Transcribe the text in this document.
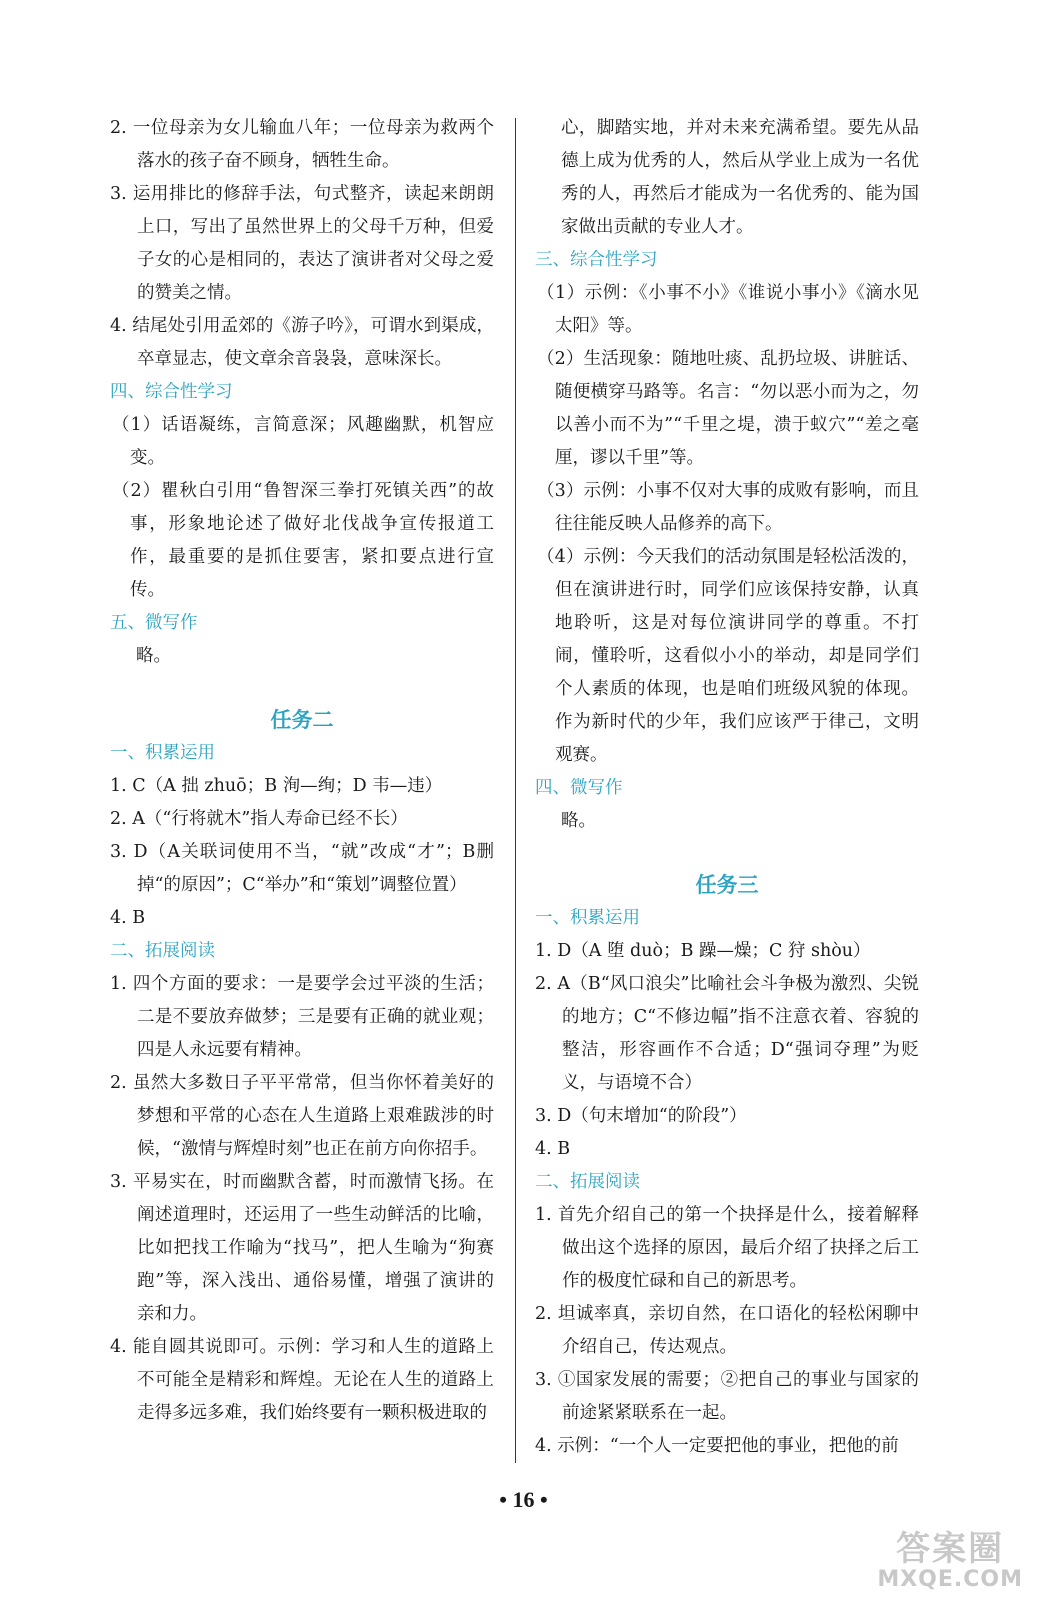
2. 一位母亲为女儿输血八年；一位母亲为救两个落水的孩子奋不顾身，牺牲生命。
3. 运用排比的修辞手法，句式整齐，读起来朗朗上口，写出了虽然世界上的父母千万种，但爱子女的心是相同的，表达了演讲者对父母之爱的赞美之情。
4. 结尾处引用孟郊的《游子吟》，可谓水到渠成，卒章显志，使文章余音袅袅，意味深长。
四、综合性学习
（1）话语凝练，言简意深；风趣幽默，机智应变。
（2）瞿秋白引用“鲁智深三拳打死镇关西”的故事，形象地论述了做好北伐战争宣传报道工作，最重要的是抓住要害，紧扣要点进行宣传。
五、微写作
略。
任务二
一、积累运用
1. C（A 拙 zhuō；B 洵—绚；D 韦—违）
2. A（“行将就木”指人寿命已经不长）
3. D（A关联词使用不当，“就”改成“才”；B删掉“的原因”；C“举办”和“策划”调整位置）
4. B
二、拓展阅读
1. 四个方面的要求：一是要学会过平淡的生活；二是不要放弃做梦；三是要有正确的就业观；四是人永远要有精神。
2. 虽然大多数日子平平常常，但当你怀着美好的梦想和平常的心态在人生道路上艰难跋涉的时候，“激情与辉煌时刻”也正在前方向你招手。
3. 平易实在，时而幽默含蓄，时而激情飞扬。在阐述道理时，还运用了一些生动鲜活的比喻，比如把找工作喻为“找马”，把人生喻为“狗赛跑”等，深入浅出、通俗易懂，增强了演讲的亲和力。
4. 能自圆其说即可。示例：学习和人生的道路上不可能全是精彩和辉煌。无论在人生的道路上走得多远多难，我们始终要有一颗积极进取的
心，脚踏实地，并对未来充满希望。要先从品德上成为优秀的人，然后从学业上成为一名优秀的人，再然后才能成为一名优秀的、能为国家做出贡献的专业人才。
三、综合性学习
（1）示例：《小事不小》《谁说小事小》《滴水见太阳》等。
（2）生活现象：随地吐痰、乱扔垃圾、讲脏话、随便横穿马路等。名言：“勿以恶小而为之，勿以善小而不为”“千里之堤，溃于蚁穴”“差之毫厘，谬以千里”等。
（3）示例：小事不仅对大事的成败有影响，而且往往能反映人品修养的高下。
（4）示例：今天我们的活动氛围是轻松活泼的，但在演讲进行时，同学们应该保持安静，认真地聆听，这是对每位演讲同学的尊重。不打闹，懂聆听，这看似小小的举动，却是同学们个人素质的体现，也是咱们班级风貌的体现。作为新时代的少年，我们应该严于律己，文明观赛。
四、微写作
略。
任务三
一、积累运用
1. D（A 堕 duò；B 躁—燥；C 狩 shòu）
2. A（B“风口浪尖”比喻社会斗争极为激烈、尖锐的地方；C“不修边幅”指不注意衣着、容貌的整洁，形容画作不合适；D“强词夺理”为贬义，与语境不合）
3. D（句末增加“的阶段”）
4. B
二、拓展阅读
1. 首先介绍自己的第一个抉择是什么，接着解释做出这个选择的原因，最后介绍了抉择之后工作的极度忙碌和自己的新思考。
2. 坦诚率真，亲切自然，在口语化的轻松闲聊中介绍自己，传达观点。
3. ①国家发展的需要；②把自己的事业与国家的前途紧紧联系在一起。
4. 示例：“一个人一定要把他的事业，把他的前
• 16 •
答案圈
MXQE.COM
